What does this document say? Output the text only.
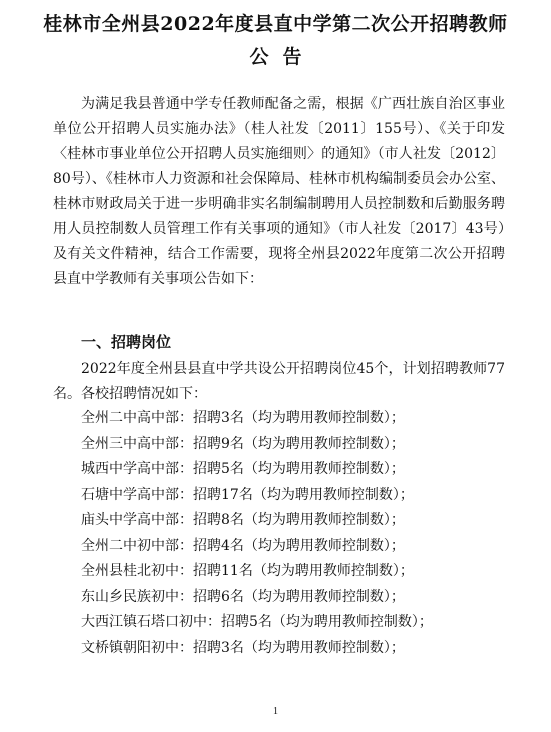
桂林市全州县2022年度县直中学第二次公开招聘教师
公告
为满足我县普通中学专任教师配备之需，根据《广西壮族自治区事业单位公开招聘人员实施办法》（桂人社发〔2011〕155号）、《关于印发〈桂林市事业单位公开招聘人员实施细则〉的通知》（市人社发〔2012〕80号）、《桂林市人力资源和社会保障局、桂林市机构编制委员会办公室、桂林市财政局关于进一步明确非实名制编制聘用人员控制数和后勤服务聘用人员控制数人员管理工作有关事项的通知》（市人社发〔2017〕43号）及有关文件精神，结合工作需要，现将全州县2022年度第二次公开招聘县直中学教师有关事项公告如下：
一、招聘岗位
2022年度全州县县直中学共设公开招聘岗位45个，计划招聘教师77名。各校招聘情况如下：
全州二中高中部：招聘3名（均为聘用教师控制数）；
全州三中高中部：招聘9名（均为聘用教师控制数）；
城西中学高中部：招聘5名（均为聘用教师控制数）；
石塘中学高中部：招聘17名（均为聘用教师控制数）；
庙头中学高中部：招聘8名（均为聘用教师控制数）；
全州二中初中部：招聘4名（均为聘用教师控制数）；
全州县桂北初中：招聘11名（均为聘用教师控制数）；
东山乡民族初中：招聘6名（均为聘用教师控制数）；
大西江镇石塔口初中：招聘5名（均为聘用教师控制数）；
文桥镇朝阳初中：招聘3名（均为聘用教师控制数）；
1
